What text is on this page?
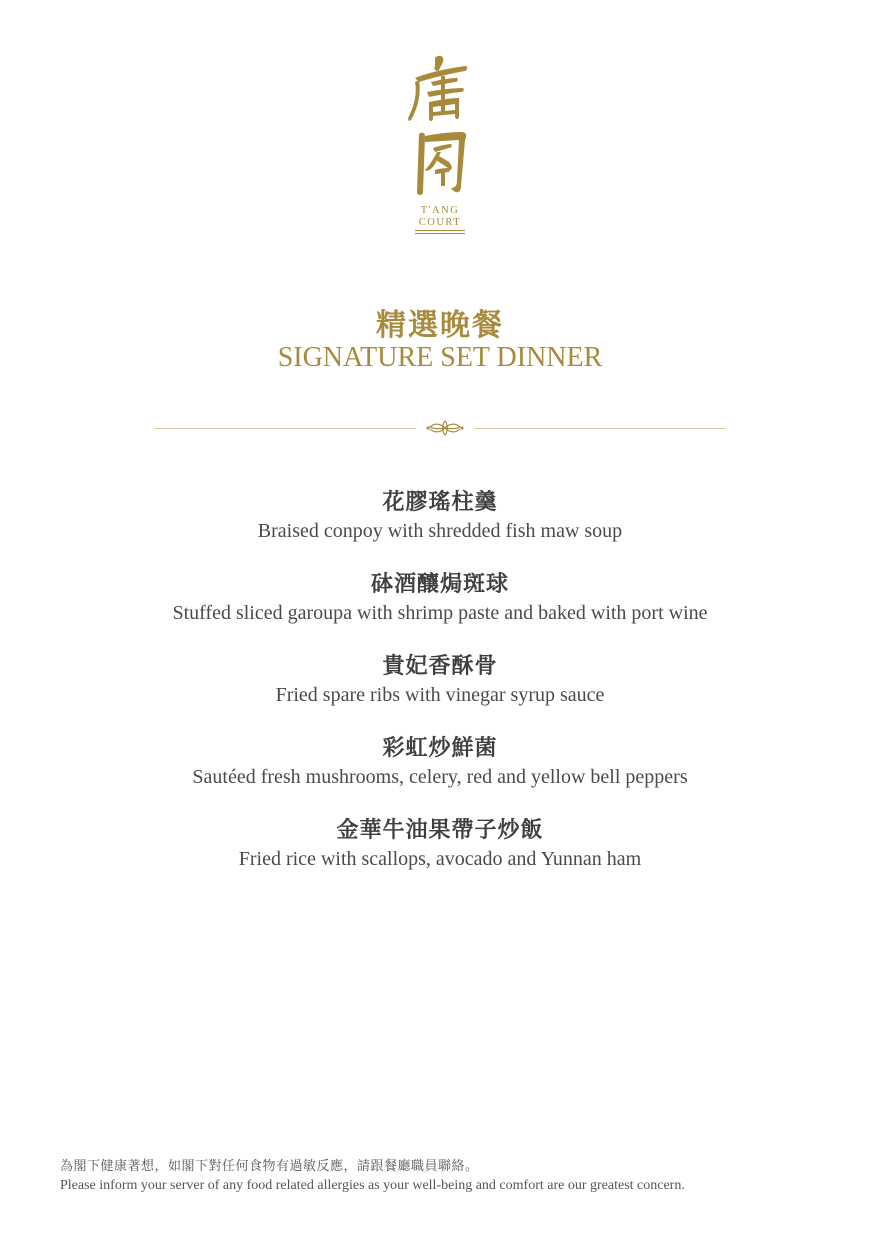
T'ANG
COURT
精選晚餐
SIGNATURE SET DINNER
花膠瑤柱羹
Braised conpoy with shredded fish maw soup
砵酒釀焗斑球
Stuffed sliced garoupa with shrimp paste and baked with port wine
貴妃香酥骨
Fried spare ribs with vinegar syrup sauce
彩虹炒鮮菌
Sautéed fresh mushrooms, celery, red and yellow bell peppers
金華牛油果帶子炒飯
Fried rice with scallops, avocado and Yunnan ham
為閣下健康著想，如閣下對任何食物有過敏反應，請跟餐廳職員聯絡。
Please inform your server of any food related allergies as your well-being and comfort are our greatest concern.
